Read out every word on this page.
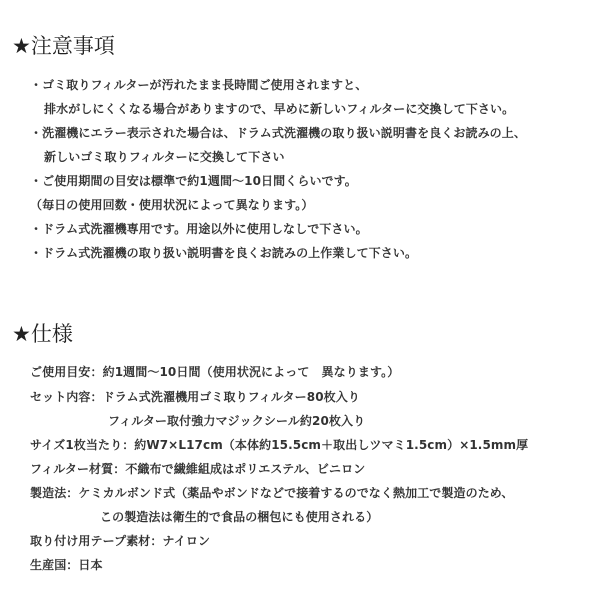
★注意事項
・ゴミ取りフィルターが汚れたまま長時間ご使用されますと、
排水がしにくくなる場合がありますので、早めに新しいフィルターに交換して下さい。
・洗濯機にエラー表示された場合は、ドラム式洗濯機の取り扱い説明書を良くお読みの上、
新しいゴミ取りフィルターに交換して下さい
・ご使用期間の目安は標準で約1週間～10日間くらいです。
（毎日の使用回数・使用状況によって異なります。）
・ドラム式洗濯機専用です。用途以外に使用しなしで下さい。
・ドラム式洗濯機の取り扱い説明書を良くお読みの上作業して下さい。
★仕様
ご使用目安：約1週間～10日間（使用状況によって　異なります。）
セット内容：ドラム式洗濯機用ゴミ取りフィルター80枚入り
フィルター取付強力マジックシール約20枚入り
サイズ1枚当たり：約W7×L17cm（本体約15.5cm＋取出しツマミ1.5cm）×1.5mm厚
フィルター材質：不織布で繊維組成はポリエステル、ビニロン
製造法：ケミカルボンド式（薬品やボンドなどで接着するのでなく熱加工で製造のため、
この製造法は衛生的で食品の梱包にも使用される）
取り付け用テープ素材：ナイロン
生産国：日本
